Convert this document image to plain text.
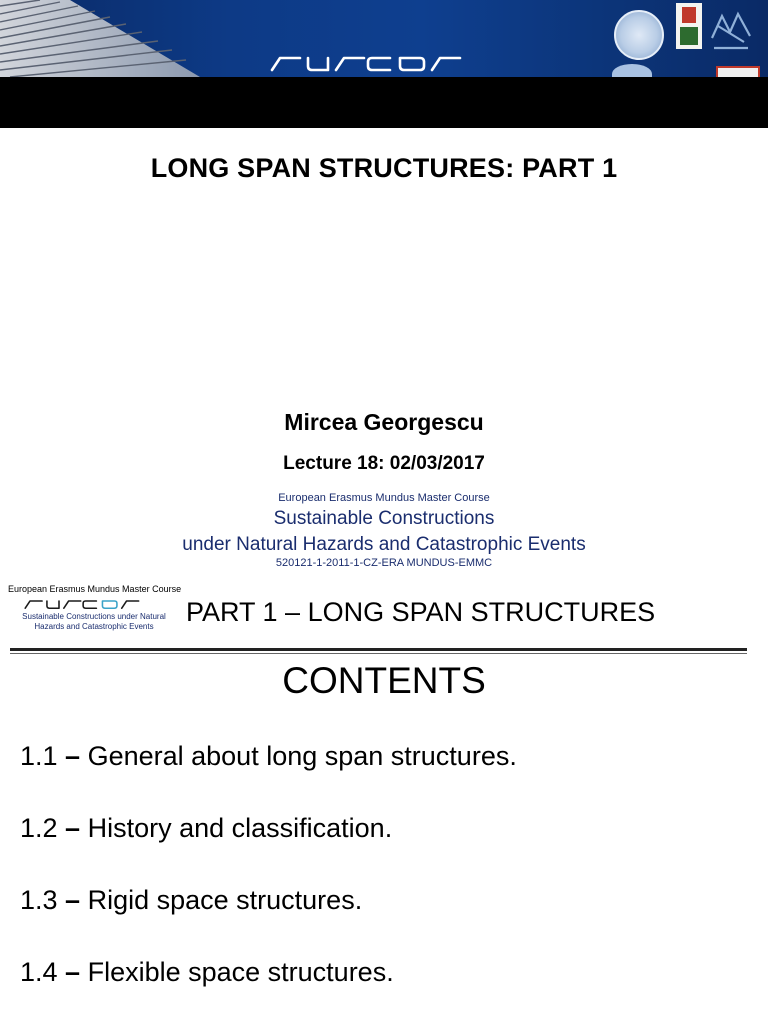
LONG SPAN STRUCTURES: PART 1
Mircea Georgescu
Lecture 18: 02/03/2017
European Erasmus Mundus Master Course
Sustainable Constructions
under Natural Hazards and Catastrophic Events
520121-1-2011-1-CZ-ERA MUNDUS-EMMC
European Erasmus Mundus Master Course
Sustainable Constructions under Natural
Hazards and Catastrophic Events	PART 1 – LONG SPAN STRUCTURES
CONTENTS
1.1 – General about long span structures.
1.2 – History and classification.
1.3 – Rigid space structures.
1.4 – Flexible space structures.
